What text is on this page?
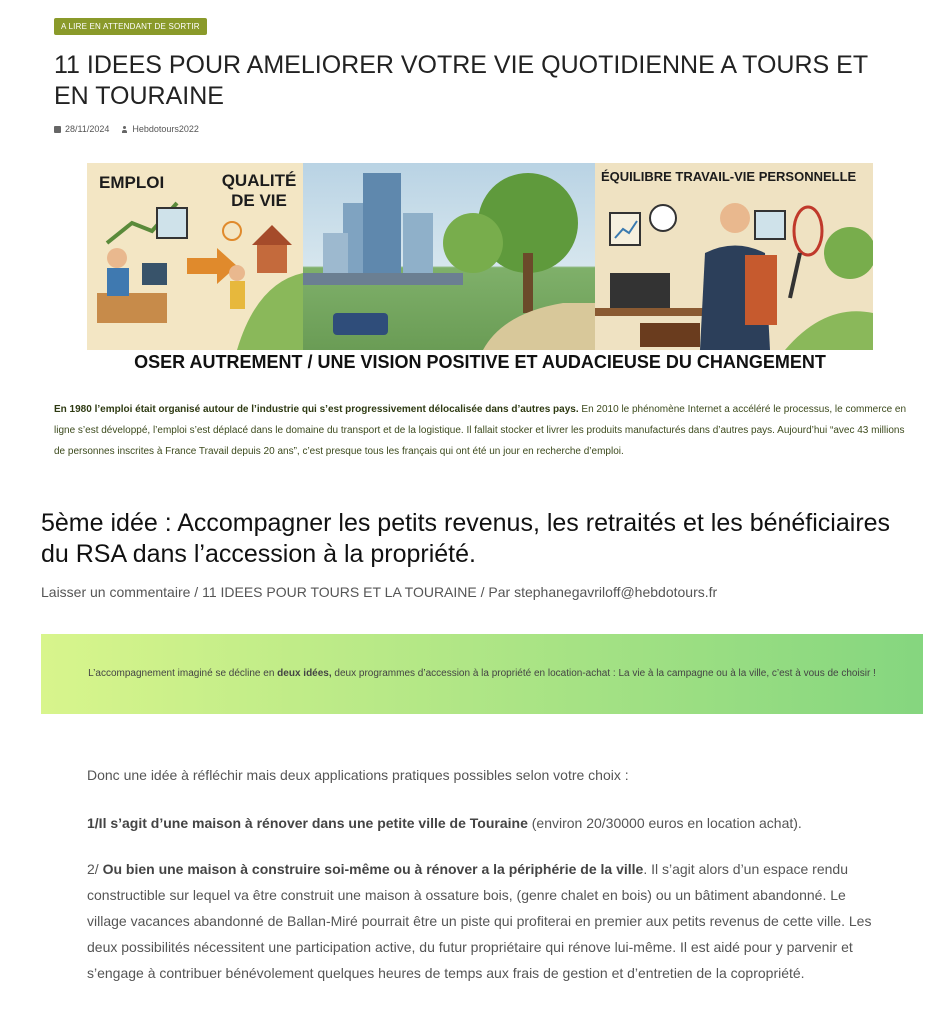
A LIRE EN ATTENDANT DE SORTIR
11 IDEES POUR AMELIORER VOTRE VIE QUOTIDIENNE A TOURS ET EN TOURAINE
28/11/2024	Hebdotours2022
EMPLOI	QUALITÉ DE VIE
ÉQUILIBRE TRAVAIL-VIE PERSONNELLE
OSER AUTREMENT / UNE VISION POSITIVE ET AUDACIEUSE DU CHANGEMENT
En 1980 l’emploi était organisé autour de l’industrie qui s’est progressivement délocalisée dans d’autres pays. En 2010 le phénomène Internet a accéléré le processus, le commerce en ligne s’est développé, l’emploi s’est déplacé dans le domaine du transport et de la logistique. Il fallait stocker et livrer les produits manufacturés dans d’autres pays. Aujourd’hui “avec 43 millions de personnes inscrites à France Travail depuis 20 ans”, c’est presque tous les français qui ont été un jour en recherche d’emploi.
5ème idée : Accompagner les petits revenus, les retraités et les bénéficiaires du RSA dans l’accession à la propriété.
Laisser un commentaire / 11 IDEES POUR TOURS ET LA TOURAINE / Par stephanegavriloff@hebdotours.fr

L’accompagnement imaginé se décline en deux idées, deux programmes d’accession à la propriété en location-achat : La vie à la campagne ou à la ville, c’est à vous de choisir !

Donc une idée à réfléchir mais deux applications pratiques possibles selon votre choix :

1/Il s’agit d’une maison à rénover dans une petite ville de Touraine (environ 20/30000 euros en location achat).

2/ Ou bien une maison à construire soi-même ou à rénover a la périphérie de la ville. Il s’agit alors d’un espace rendu constructible sur lequel va être construit une maison à ossature bois, (genre chalet en bois) ou un bâtiment abandonné. Le village vacances abandonné de Ballan-Miré pourrait être un piste qui profiterai en premier aux petits revenus de cette ville. Les deux possibilités nécessitent une participation active, du futur propriétaire qui rénove lui-même. Il est aidé pour y parvenir et s’engage à contribuer bénévolement quelques heures de temps aux frais de gestion et d’entretien de la copropriété.
